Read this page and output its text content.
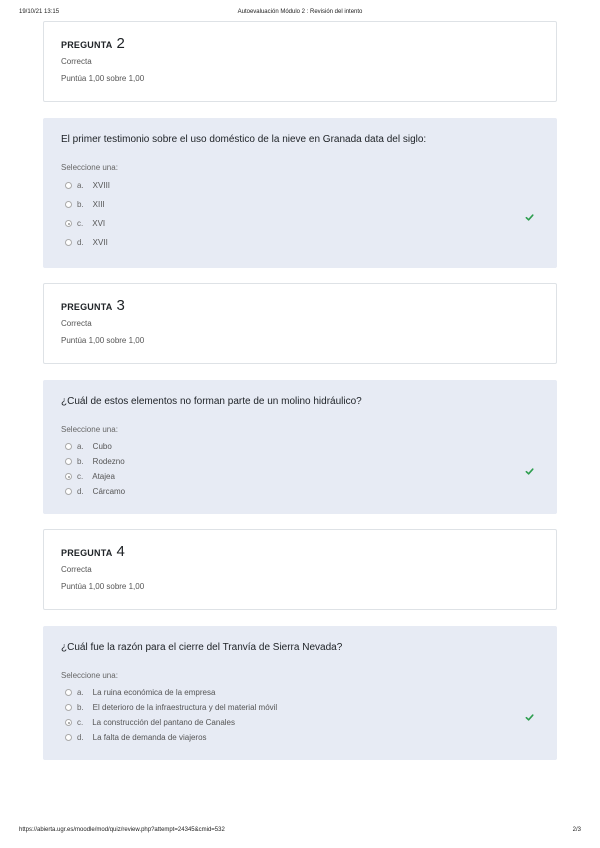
19/10/21 13:15	Autoevaluación Módulo 2 : Revisión del intento
PREGUNTA 2
Correcta
Puntúa 1,00 sobre 1,00
El primer testimonio sobre el uso doméstico de la nieve en Granada data del siglo:
Seleccione una:
a. XVIII
b. XIII
c. XVI
d. XVII
PREGUNTA 3
Correcta
Puntúa 1,00 sobre 1,00
¿Cuál de estos elementos no forman parte de un molino hidráulico?
Seleccione una:
a. Cubo
b. Rodezno
c. Atajea
d. Cárcamo
PREGUNTA 4
Correcta
Puntúa 1,00 sobre 1,00
¿Cuál fue la razón para el cierre del Tranvía de Sierra Nevada?
Seleccione una:
a. La ruina económica de la empresa
b. El deterioro de la infraestructura y del material móvil
c. La construcción del pantano de Canales
d. La falta de demanda de viajeros
https://abierta.ugr.es/moodle/mod/quiz/review.php?attempt=24345&cmid=532	2/3
